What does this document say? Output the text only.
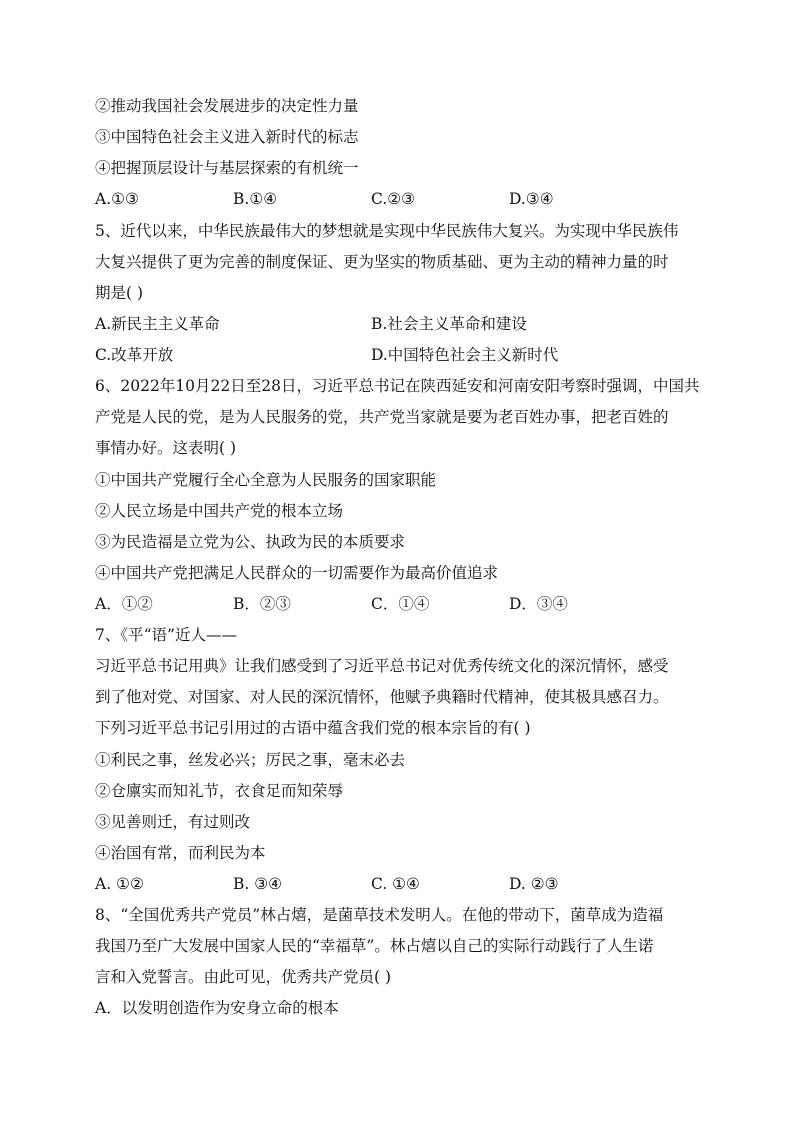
②推动我国社会发展进步的决定性力量
③中国特色社会主义进入新时代的标志
④把握顶层设计与基层探索的有机统一
A.①③	B.①④	C.②③	D.③④
5、近代以来，中华民族最伟大的梦想就是实现中华民族伟大复兴。为实现中华民族伟
大复兴提供了更为完善的制度保证、更为坚实的物质基础、更为主动的精神力量的时
期是( )
A.新民主主义革命	B.社会主义革命和建设
C.改革开放	D.中国特色社会主义新时代
6、2022年10月22日至28日，习近平总书记在陕西延安和河南安阳考察时强调，中国共
产党是人民的党，是为人民服务的党，共产党当家就是要为老百姓办事，把老百姓的
事情办好。这表明( )
①中国共产党履行全心全意为人民服务的国家职能
②人民立场是中国共产党的根本立场
③为民造福是立党为公、执政为民的本质要求
④中国共产党把满足人民群众的一切需要作为最高价值追求
A．①②	B．②③	C．①④	D．③④
7、《平“语”近人——
习近平总书记用典》让我们感受到了习近平总书记对优秀传统文化的深沉情怀，感受
到了他对党、对国家、对人民的深沉情怀，他赋予典籍时代精神，使其极具感召力。
下列习近平总书记引用过的古语中蕴含我们党的根本宗旨的有( )
①利民之事，丝发必兴；厉民之事，毫末必去
②仓廪实而知礼节，衣食足而知荣辱
③见善则迁，有过则改
④治国有常，而利民为本
A. ①②	B. ③④	C. ①④	D. ②③
8、“全国优秀共产党员”林占熺，是菌草技术发明人。在他的带动下，菌草成为造福
我国乃至广大发展中国家人民的“幸福草”。林占熺以自己的实际行动践行了人生诺
言和入党誓言。由此可见，优秀共产党员( )
A．以发明创造作为安身立命的根本
